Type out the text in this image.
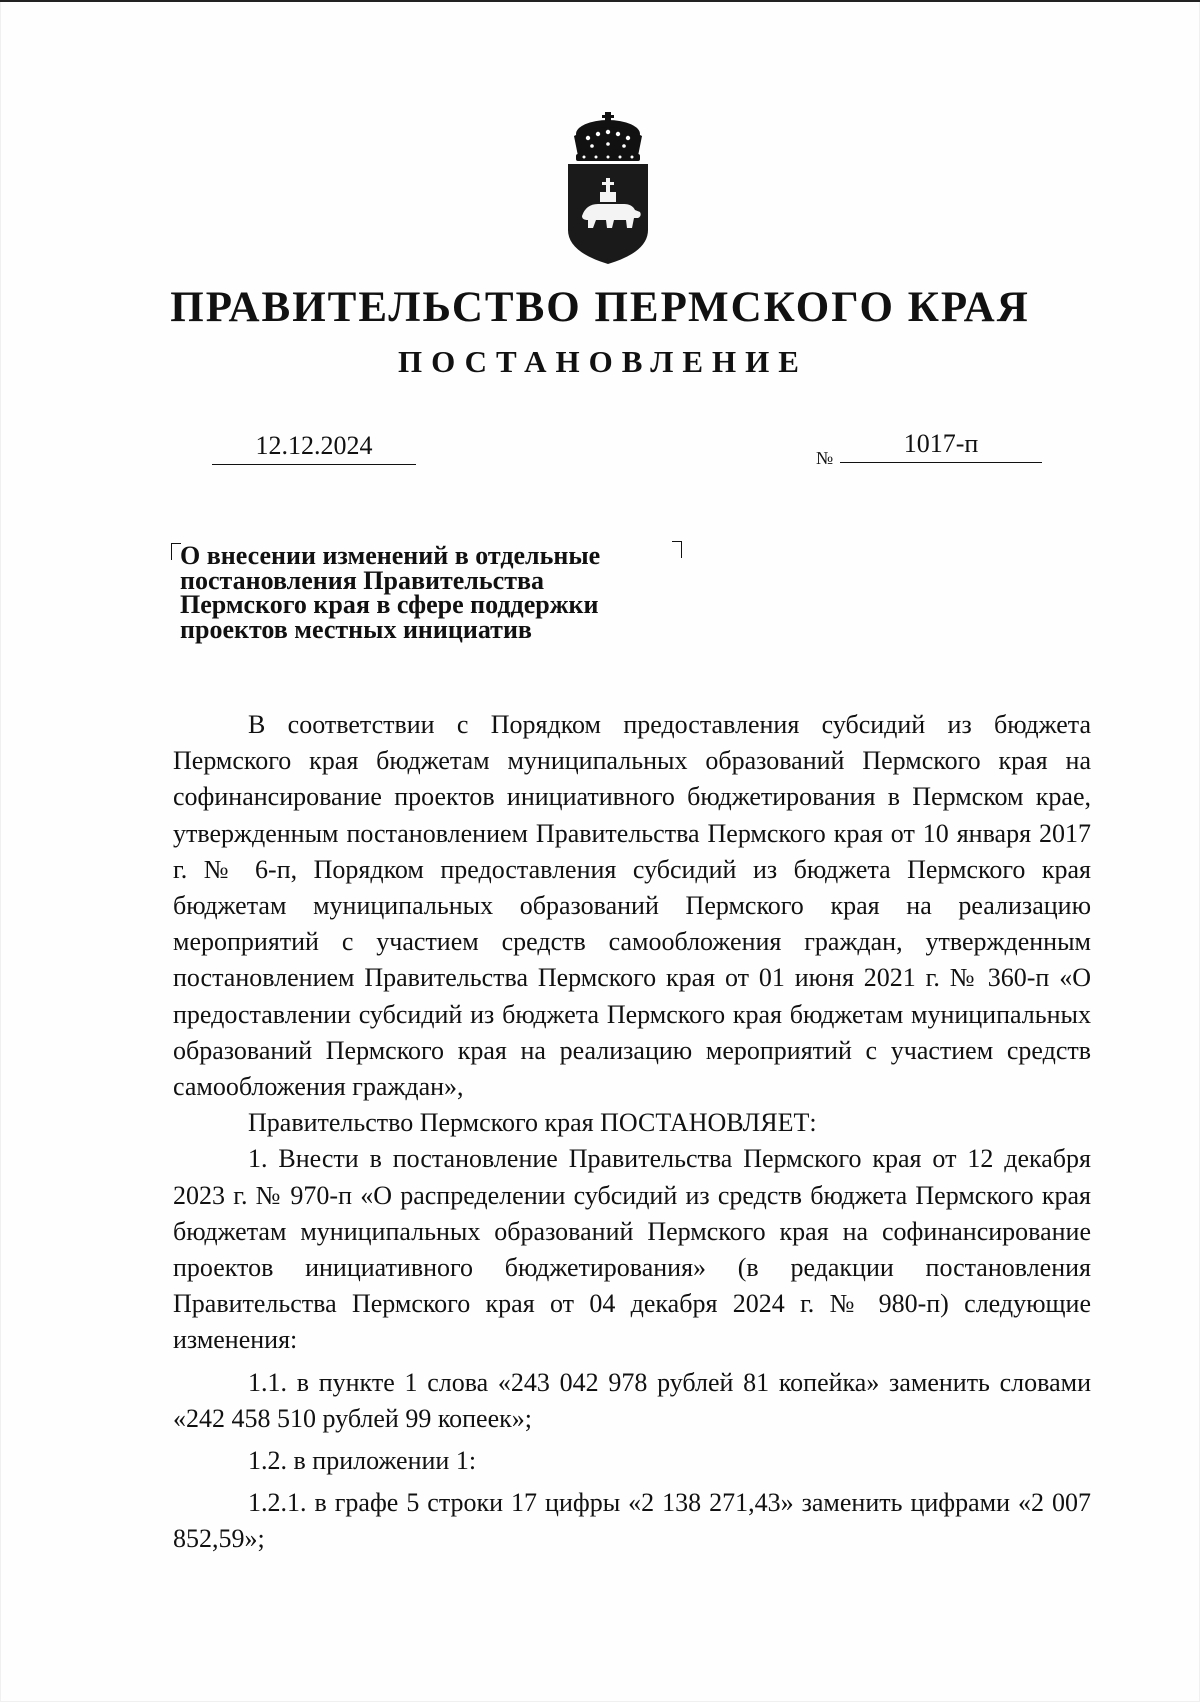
ПРАВИТЕЛЬСТВО ПЕРМСКОГО КРАЯ
ПОСТАНОВЛЕНИЕ
12.12.2024	№	1017-п
О внесении изменений в отдельные
постановления Правительства
Пермского края в сфере поддержки
проектов местных инициатив

В соответствии с Порядком предоставления субсидий из бюджета Пермского края бюджетам муниципальных образований Пермского края на софинансирование проектов инициативного бюджетирования в Пермском крае, утвержденным постановлением Правительства Пермского края от 10 января 2017 г. № 6-п, Порядком предоставления субсидий из бюджета Пермского края бюджетам муниципальных образований Пермского края на реализацию мероприятий с участием средств самообложения граждан, утвержденным постановлением Правительства Пермского края от 01 июня 2021 г. № 360-п «О предоставлении субсидий из бюджета Пермского края бюджетам муниципальных образований Пермского края на реализацию мероприятий с участием средств самообложения граждан»,

Правительство Пермского края ПОСТАНОВЛЯЕТ:

1. Внести в постановление Правительства Пермского края от 12 декабря 2023 г. № 970-п «О распределении субсидий из средств бюджета Пермского края бюджетам муниципальных образований Пермского края на софинансирование проектов инициативного бюджетирования» (в редакции постановления Правительства Пермского края от 04 декабря 2024 г. № 980-п) следующие изменения:

1.1. в пункте 1 слова «243 042 978 рублей 81 копейка» заменить словами «242 458 510 рублей 99 копеек»;

1.2. в приложении 1:

1.2.1. в графе 5 строки 17 цифры «2 138 271,43» заменить цифрами «2 007 852,59»;
